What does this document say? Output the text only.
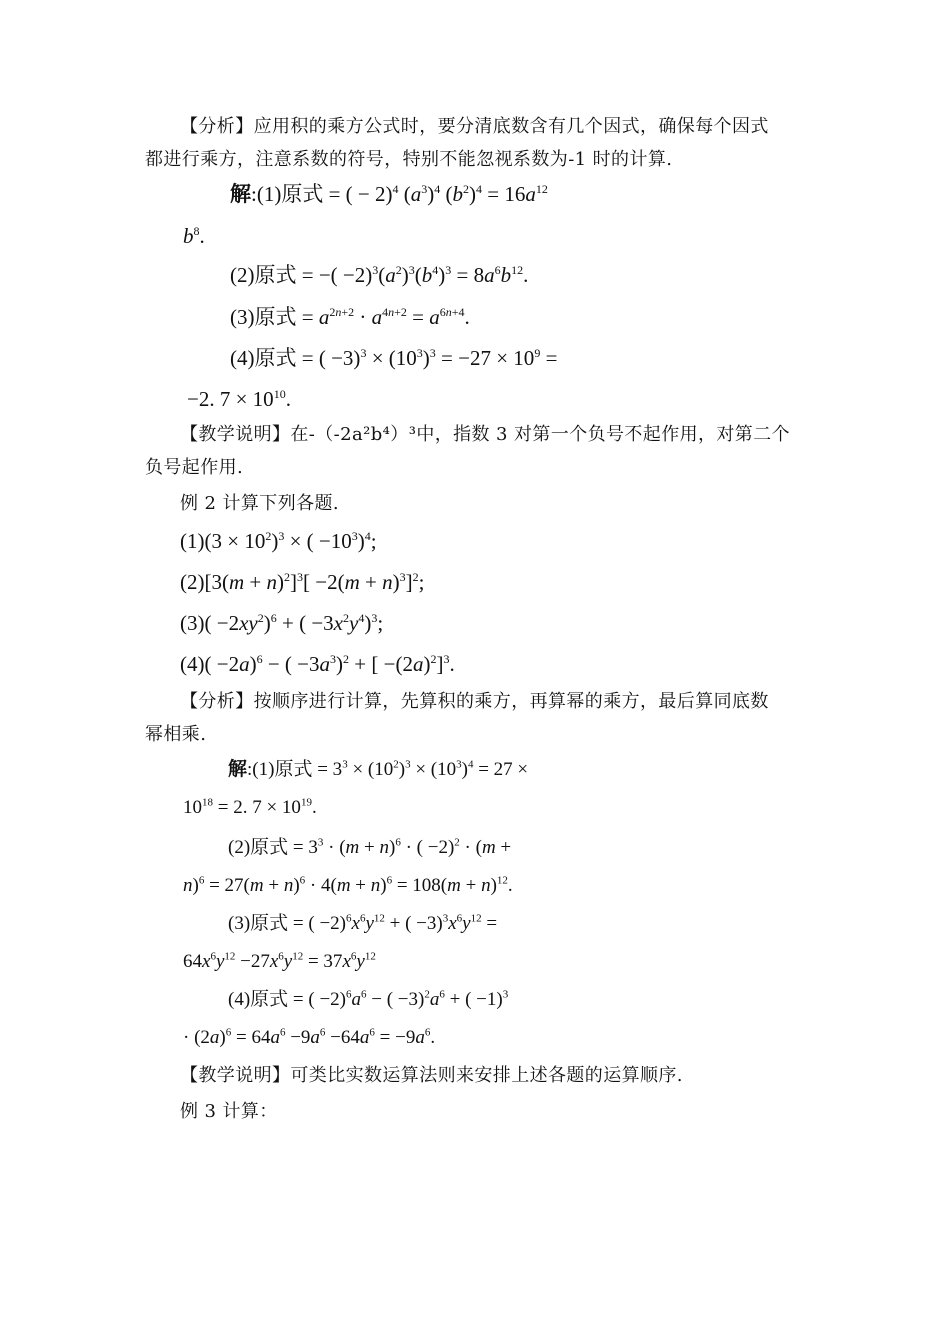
【分析】应用积的乘方公式时，要分清底数含有几个因式，确保每个因式
都进行乘方，注意系数的符号，特别不能忽视系数为-1 时的计算.
解:(1)原式 = ( − 2)$^4$ $(a^3)^4$ $(b^2)^4 = 16a^{12}$
$b^8$.
(2)原式 = −( $-2)^3(a^2)^3(b^4)^3 = 8a^6b^{12}$.
(3)原式 = $a^{2n+2} \cdot a^{4n+2} = a^{6n+4}$.
(4)原式 = ( $-3)^3 \times (10^3)^3 = -27 \times 10^9$ =
−2. $7 \times 10^{10}$.
【教学说明】在-（-2a²b⁴）³中，指数 3 对第一个负号不起作用，对第二个
负号起作用.
例 2 计算下列各题.
$(1)(3 \times 10^2)^3$ × ( $-10^3)^4$;
$(2)[3(m + n)^2]^3[ -2(m + n)^3]^2$;
$(3)( -2xy^2)^6$ + ( $-3x^2y^4)^3$;
$(4)( -2a)^6$ − ( $-3a^3)^2$ + [ $-(2a)^2]^3$.
【分析】按顺序进行计算，先算积的乘方，再算幂的乘方，最后算同底数
幂相乘.
解:(1)原式 = $3^3 \times (10^2)^3 \times (10^3)^4 = 27$ ×
$10^{18} = 2$. $7 \times 10^{19}$.
(2)原式 = $3^3 \cdot (m + n)^6$ · ( −2)$^2$ · (m +
$n)^6 = 27(m + n)^6 \cdot 4(m + n)^6 = 108(m + n)^{12}$.
(3)原式 = ( $-2)^6x^6y^{12}$ + ( $-3)^3x^6y^{12}$ =
$64x^6y^{12} -27x^6y^{12} = 37x^6y^{12}$
(4)原式 = ( $-2)^6a^6$ − ( $-3)^2a^6$ + ( −1)$^3$
· $(2a)^6 = 64a^6 -9a^6 -64a^6 = -9a^6$.
【教学说明】可类比实数运算法则来安排上述各题的运算顺序.
例 3 计算：
